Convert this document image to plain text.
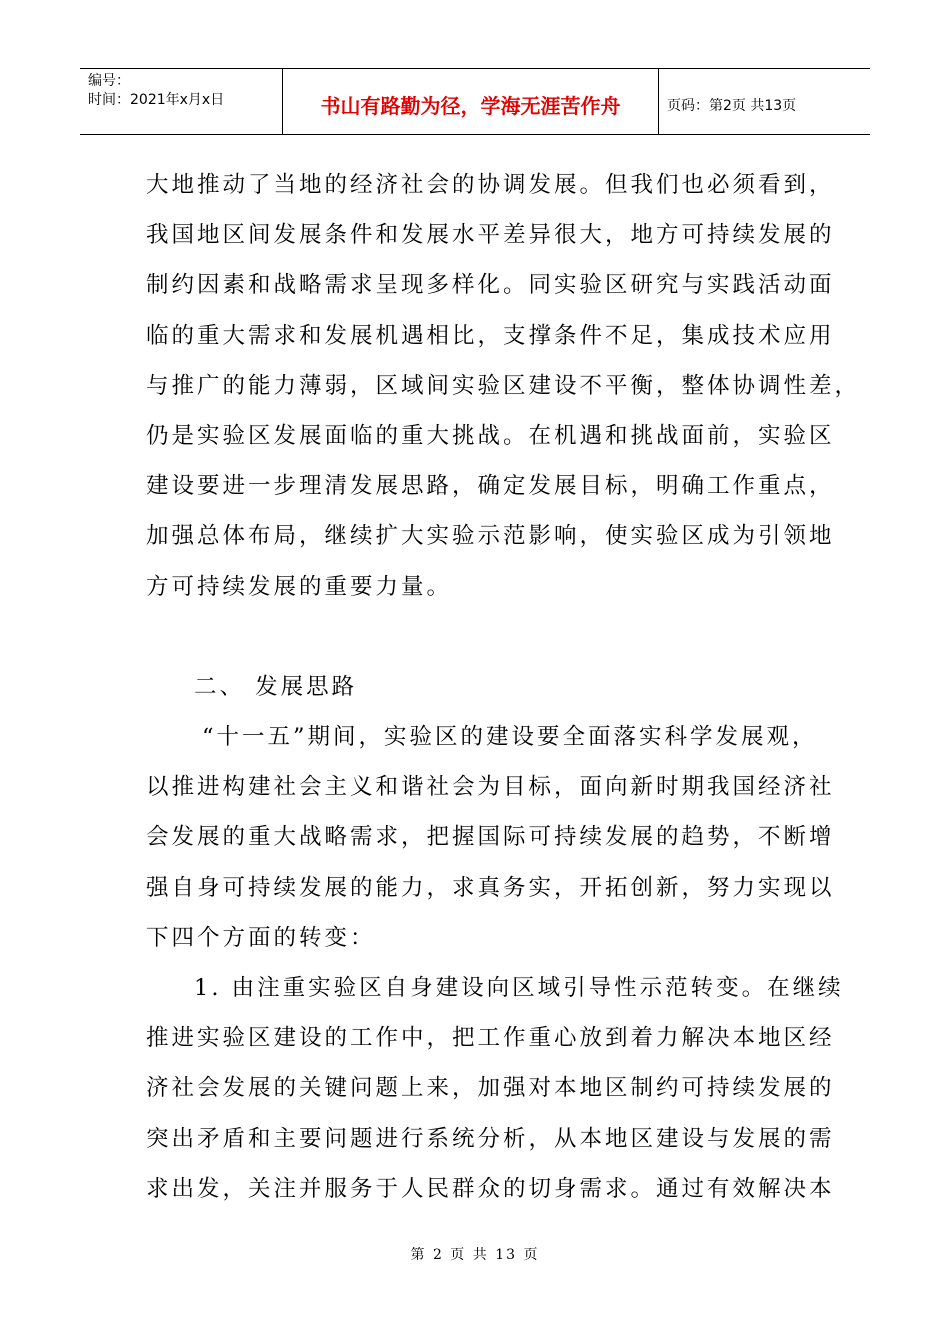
编号：
时间：2021年x月x日	书山有路勤为径，学海无涯苦作舟	页码：第2页 共13页
大地推动了当地的经济社会的协调发展。但我们也必须看到，
我国地区间发展条件和发展水平差异很大，地方可持续发展的
制约因素和战略需求呈现多样化。同实验区研究与实践活动面
临的重大需求和发展机遇相比，支撑条件不足，集成技术应用
与推广的能力薄弱，区域间实验区建设不平衡，整体协调性差，
仍是实验区发展面临的重大挑战。在机遇和挑战面前，实验区
建设要进一步理清发展思路，确定发展目标，明确工作重点，
加强总体布局，继续扩大实验示范影响，使实验区成为引领地
方可持续发展的重要力量。
二、 发展思路
“十一五”期间，实验区的建设要全面落实科学发展观，
以推进构建社会主义和谐社会为目标，面向新时期我国经济社
会发展的重大战略需求，把握国际可持续发展的趋势，不断增
强自身可持续发展的能力，求真务实，开拓创新，努力实现以
下四个方面的转变：
1. 由注重实验区自身建设向区域引导性示范转变。在继续
推进实验区建设的工作中，把工作重心放到着力解决本地区经
济社会发展的关键问题上来，加强对本地区制约可持续发展的
突出矛盾和主要问题进行系统分析，从本地区建设与发展的需
求出发，关注并服务于人民群众的切身需求。通过有效解决本
第 2 页 共 13 页
